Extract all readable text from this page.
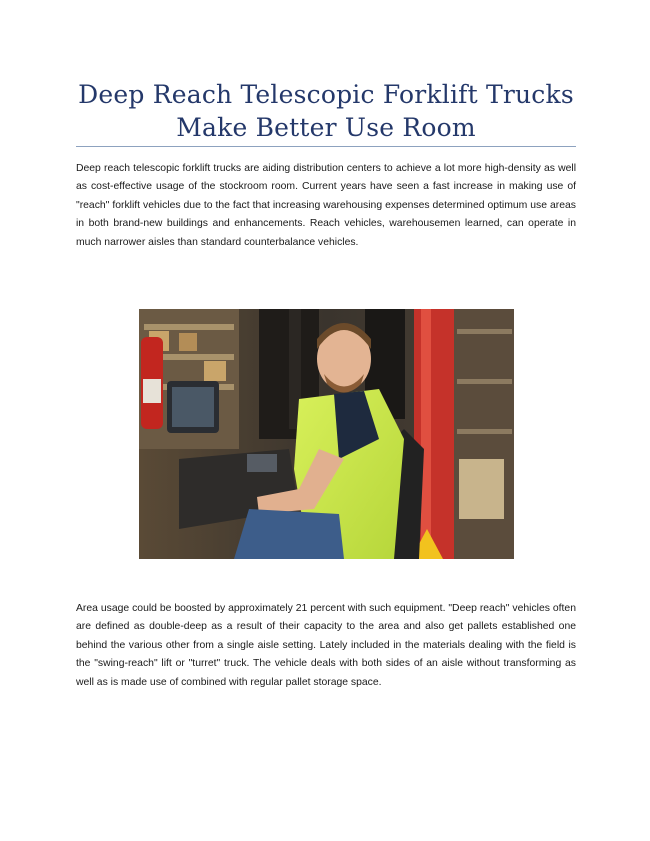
Deep Reach Telescopic Forklift Trucks Make Better Use Room

Deep reach telescopic forklift trucks are aiding distribution centers to achieve a lot more high-density as well as cost-effective usage of the stockroom room. Current years have seen a fast increase in making use of "reach" forklift vehicles due to the fact that increasing warehousing expenses determined optimum use areas in both brand-new buildings and enhancements. Reach vehicles, warehousemen learned, can operate in much narrower aisles than standard counterbalance vehicles.

Area usage could be boosted by approximately 21 percent with such equipment. "Deep reach" vehicles often are defined as double-deep as a result of their capacity to the area and also get pallets established one behind the various other from a single aisle setting. Lately included in the materials dealing with the field is the "swing-reach" lift or "turret" truck. The vehicle deals with both sides of an aisle without transforming as well as is made use of combined with regular pallet storage space.
